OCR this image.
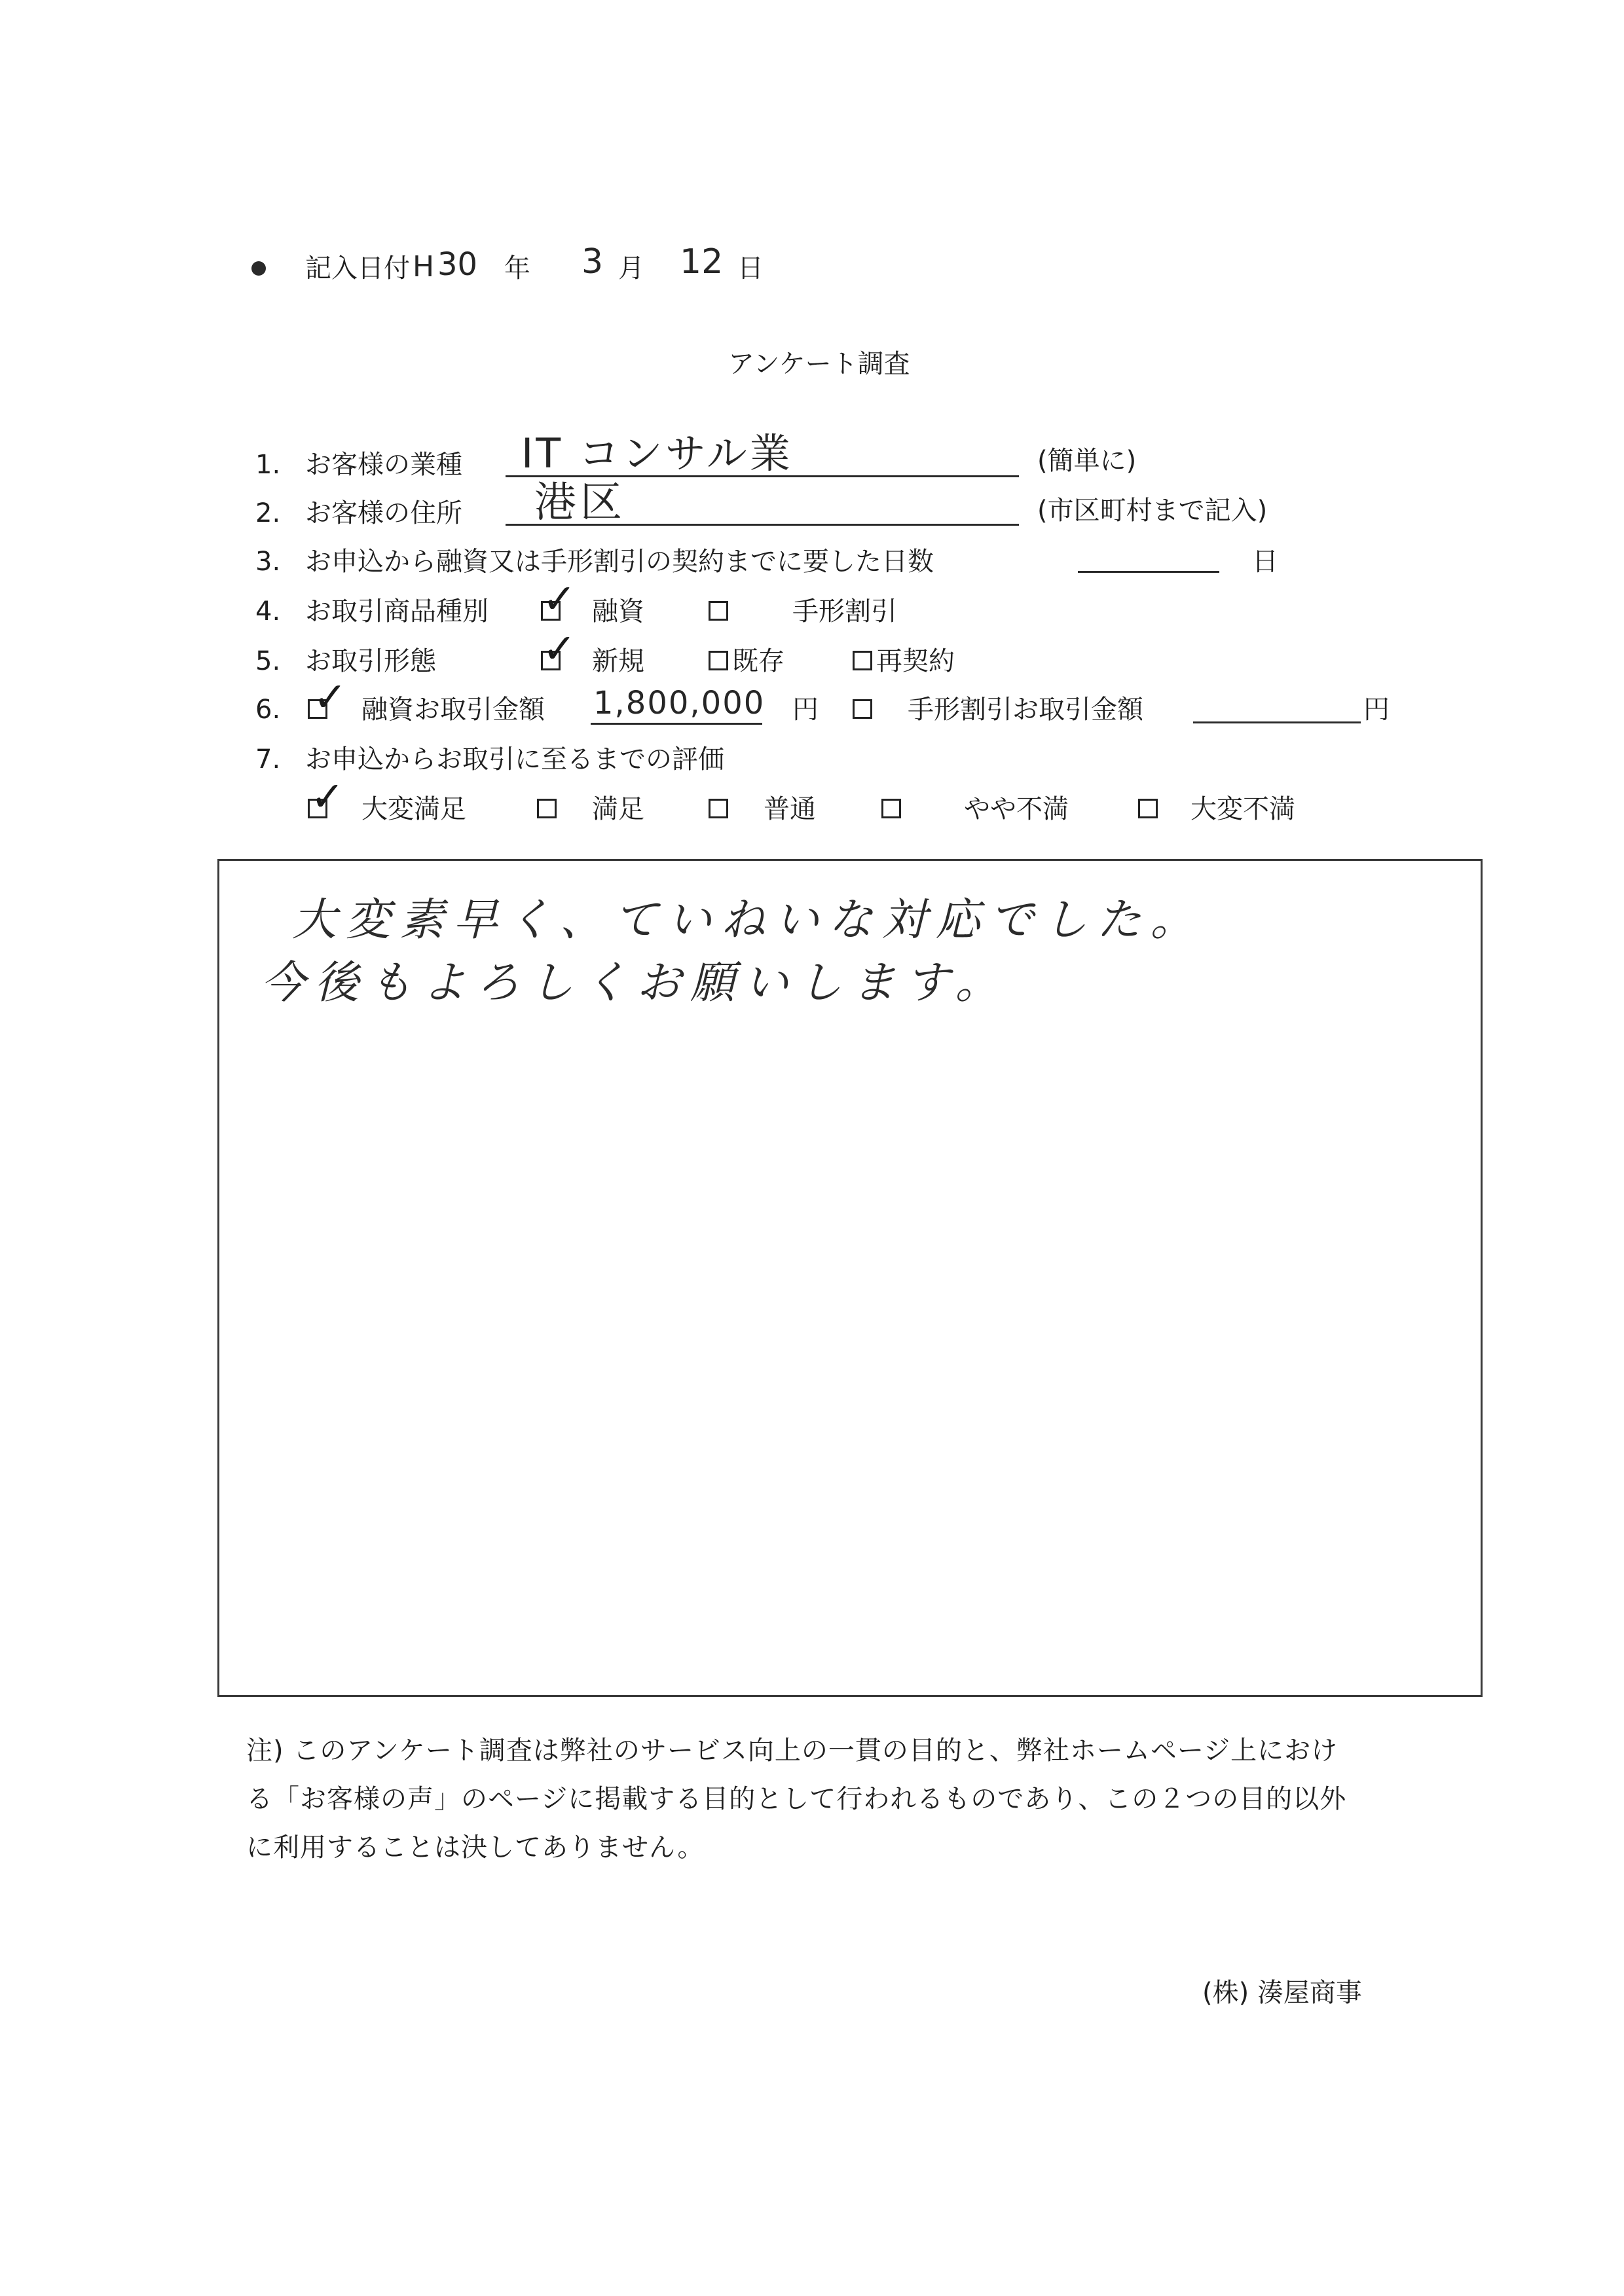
記入日付 H 30 年 3 月 12 日
アンケート調査
1. お客様の業種 IT コンサル業	(簡単に)
2. お客様の住所 港区	(市区町村まで記入)
3. お申込から融資又は手形割引の契約までに要した日数	日
4. お取引商品種別 ✓ 融資	手形割引
5. お取引形態	✓ 新規	既存	再契約
6. ✓ 融資お取引金額 1,800,000 円	手形割引お取引金額	円
7. お申込からお取引に至るまでの評価
✓ 大変満足	満足	普通	やや不満	大変不満
大変素早く、ていねいな対応でした。
今後もよろしくお願いします。
注) このアンケート調査は弊社のサービス向上の一貫の目的と、弊社ホームページ上におけ
る「お客様の声」のページに掲載する目的として行われるものであり、この２つの目的以外
に利用することは決してありません。
(株) 湊屋商事
